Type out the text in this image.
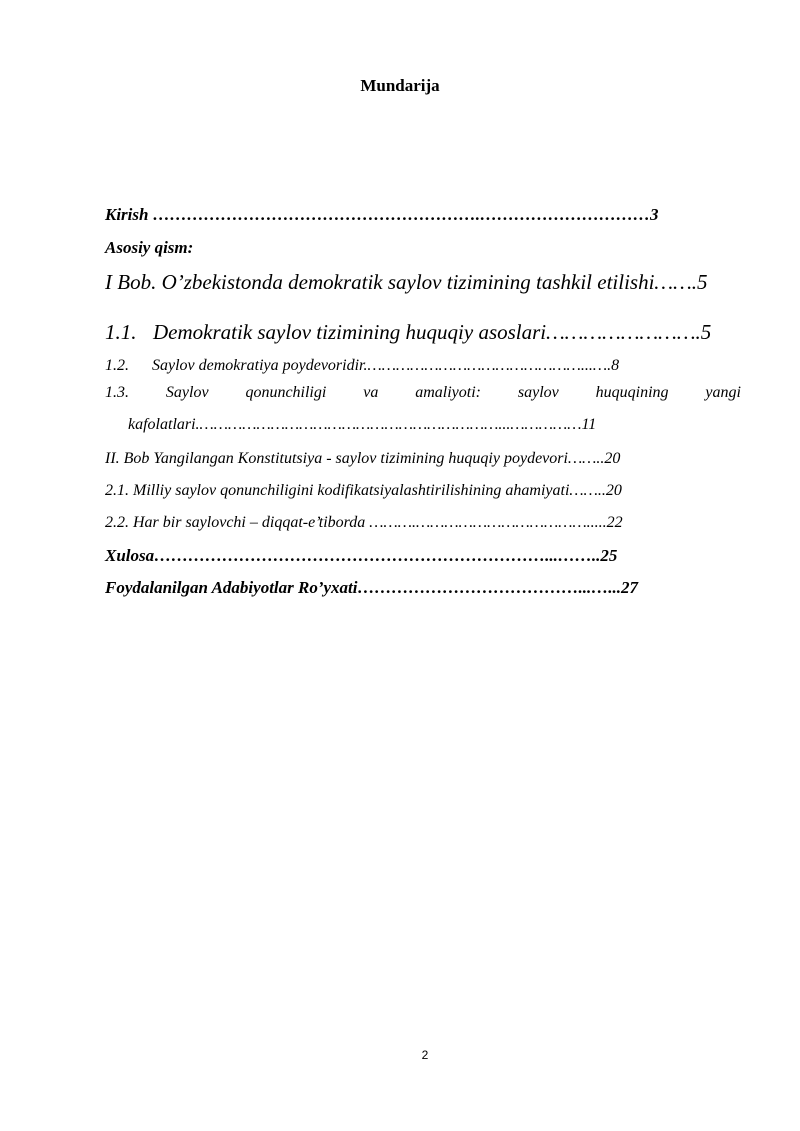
Mundarija
Kirish ………………………………………………….…………………………3
Asosiy qism:
I Bob. O’zbekistonda demokratik saylov tizimining tashkil etilishi…….5
1.1. Demokratik saylov tizimining huquqiy asoslari…………………….5
1.2. Saylov demokratiya poydevoridir.………………………………………...….8
1.3. Saylov qonunchiligi va amaliyoti: saylov huquqining yangi
kafolatlari.………………………………………………………...……………11
II. Bob Yangilangan Konstitutsiya - saylov tizimining huquqiy poydevori……..20
2.1. Milliy saylov qonunchiligini kodifikatsiyalashtirilishining ahamiyati……..20
2.2. Har bir saylovchi – diqqat-e’tiborda ……….……………………………….....22
Xulosa……………………………………………………………...……..25
Foydalanilgan Adabiyotlar Ro’yxati…………………………………...…...27
2
